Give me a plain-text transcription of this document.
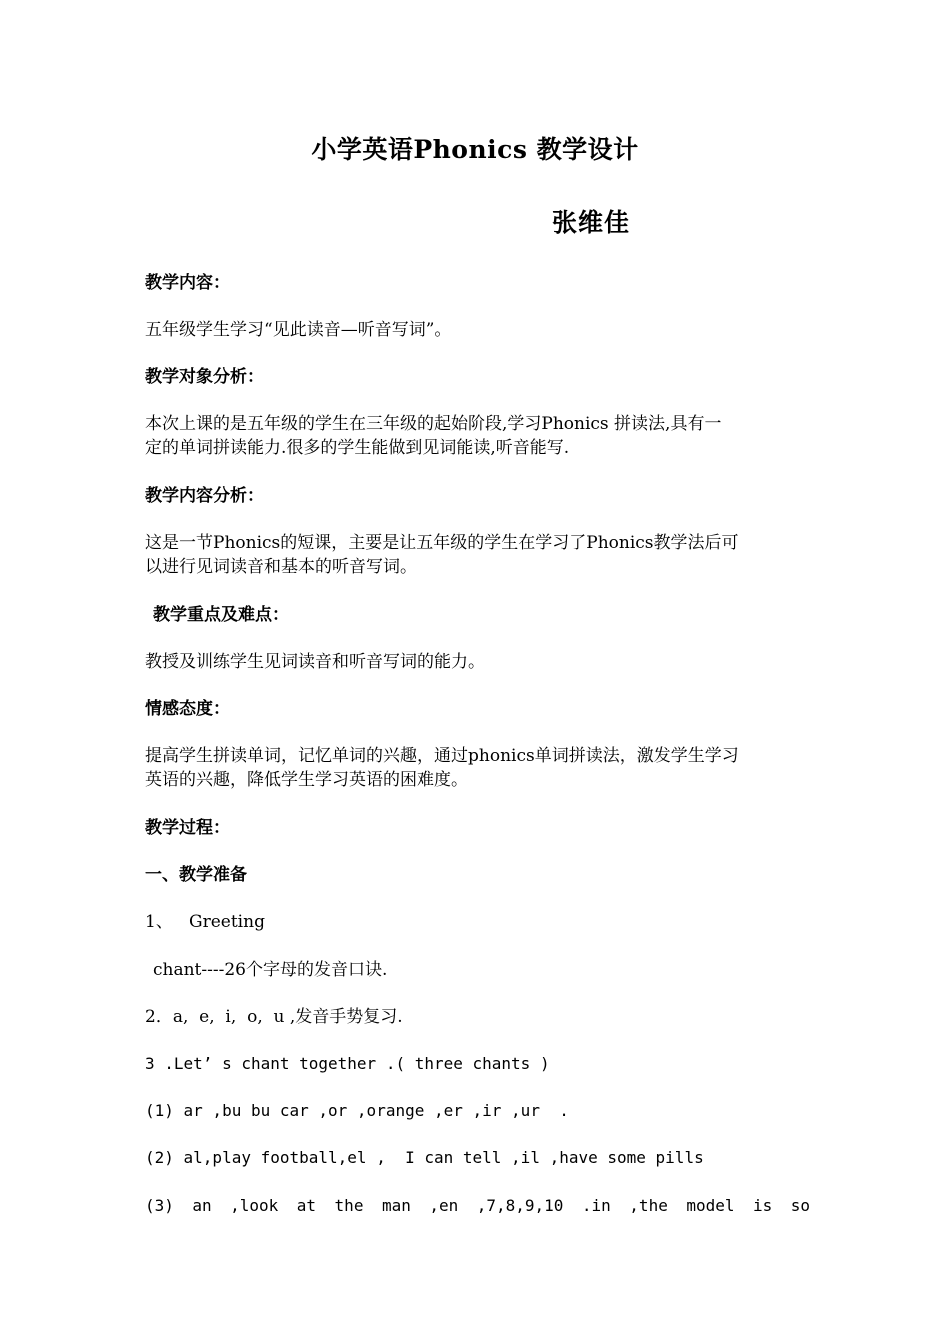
小学英语Phonics 教学设计
张维佳
教学内容：
五年级学生学习“见此读音—听音写词”。
教学对象分析：
本次上课的是五年级的学生在三年级的起始阶段,学习Phonics 拼读法,具有一
定的单词拼读能力.很多的学生能做到见词能读,听音能写.
教学内容分析：
这是一节Phonics的短课，主要是让五年级的学生在学习了Phonics教学法后可
以进行见词读音和基本的听音写词。
教学重点及难点：
教授及训练学生见词读音和听音写词的能力。
情感态度：
提高学生拼读单词，记忆单词的兴趣，通过phonics单词拼读法，激发学生学习
英语的兴趣，降低学生学习英语的困难度。
教学过程：
一、教学准备
1、   Greeting
chant----26个字母的发音口诀.
2．a,  e,  i,  o,  u ,发音手势复习.
3 .Let’ s chant together .( three chants )
(1) ar ,bu bu car ,or ,orange ,er ,ir ,ur  .
(2) al,play football,el ,  I can tell ,il ,have some pills
(3) an ,look at the man ,en ,7,8,9,10 .in ,the model is so
